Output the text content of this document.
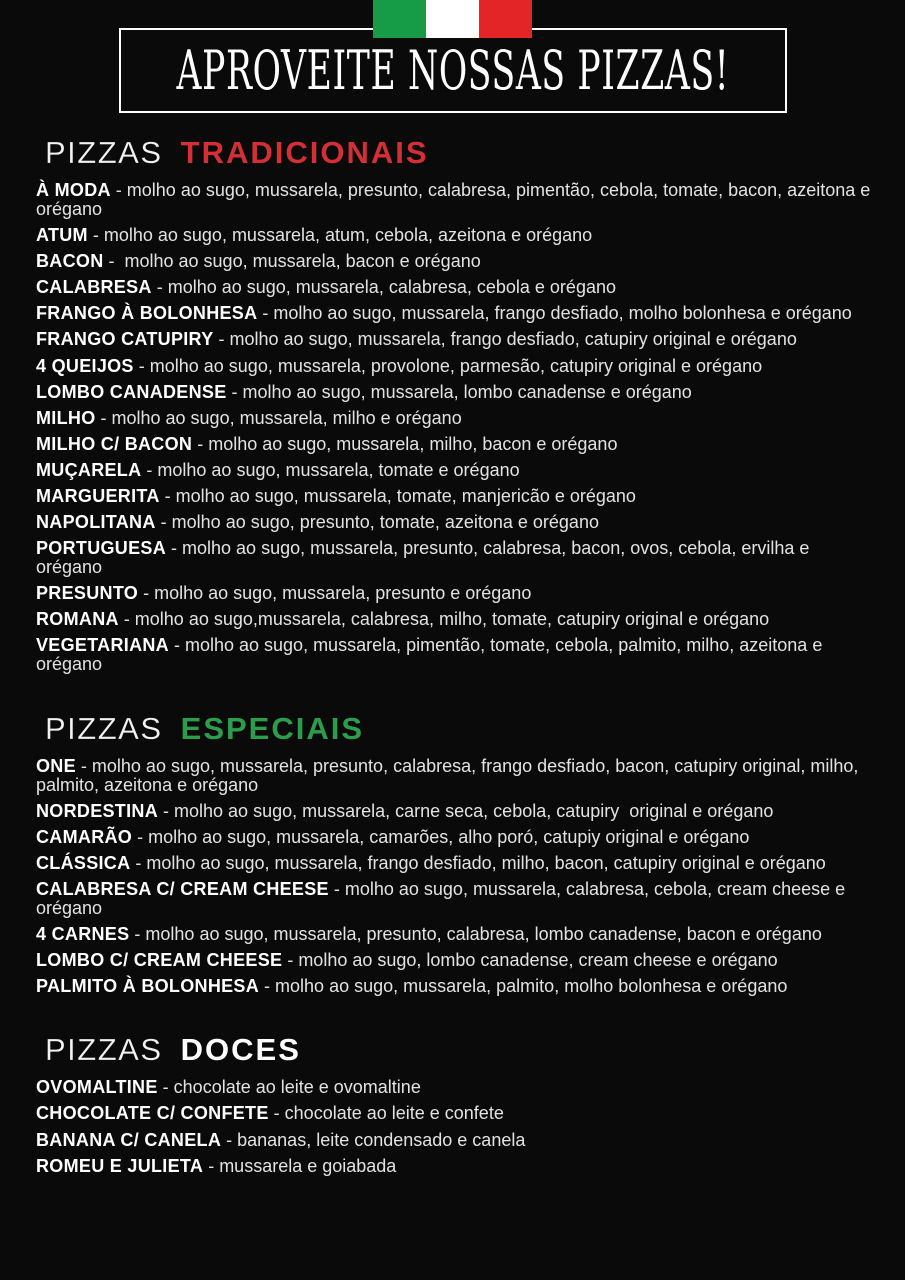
APROVEITE NOSSAS PIZZAS!
PIZZAS TRADICIONAIS
À MODA - molho ao sugo, mussarela, presunto, calabresa, pimentão, cebola, tomate, bacon, azeitona e orégano
ATUM - molho ao sugo, mussarela, atum, cebola, azeitona e orégano
BACON -  molho ao sugo, mussarela, bacon e orégano
CALABRESA - molho ao sugo, mussarela, calabresa, cebola e orégano
FRANGO À BOLONHESA - molho ao sugo, mussarela, frango desfiado, molho bolonhesa e orégano
FRANGO CATUPIRY - molho ao sugo, mussarela, frango desfiado, catupiry original e orégano
4 QUEIJOS - molho ao sugo, mussarela, provolone, parmesão, catupiry original e orégano
LOMBO CANADENSE - molho ao sugo, mussarela, lombo canadense e orégano
MILHO - molho ao sugo, mussarela, milho e orégano
MILHO C/ BACON - molho ao sugo, mussarela, milho, bacon e orégano
MUÇARELA - molho ao sugo, mussarela, tomate e orégano
MARGUERITA - molho ao sugo, mussarela, tomate, manjericão e orégano
NAPOLITANA - molho ao sugo, presunto, tomate, azeitona e orégano
PORTUGUESA - molho ao sugo, mussarela, presunto, calabresa, bacon, ovos, cebola, ervilha e orégano
PRESUNTO - molho ao sugo, mussarela, presunto e orégano
ROMANA - molho ao sugo,mussarela, calabresa, milho, tomate, catupiry original e orégano
VEGETARIANA - molho ao sugo, mussarela, pimentão, tomate, cebola, palmito, milho, azeitona e orégano
PIZZAS ESPECIAIS
ONE - molho ao sugo, mussarela, presunto, calabresa, frango desfiado, bacon, catupiry original, milho, palmito, azeitona e orégano
NORDESTINA - molho ao sugo, mussarela, carne seca, cebola, catupiry  original e orégano
CAMARÃO - molho ao sugo, mussarela, camarões, alho poró, catupiy original e orégano
CLÁSSICA - molho ao sugo, mussarela, frango desfiado, milho, bacon, catupiry original e orégano
CALABRESA C/ CREAM CHEESE - molho ao sugo, mussarela, calabresa, cebola, cream cheese e orégano
4 CARNES - molho ao sugo, mussarela, presunto, calabresa, lombo canadense, bacon e orégano
LOMBO C/ CREAM CHEESE - molho ao sugo, lombo canadense, cream cheese e orégano
PALMITO À BOLONHESA - molho ao sugo, mussarela, palmito, molho bolonhesa e orégano
PIZZAS DOCES
OVOMALTINE - chocolate ao leite e ovomaltine
CHOCOLATE C/ CONFETE - chocolate ao leite e confete
BANANA C/ CANELA - bananas, leite condensado e canela
ROMEU E JULIETA - mussarela e goiabada
